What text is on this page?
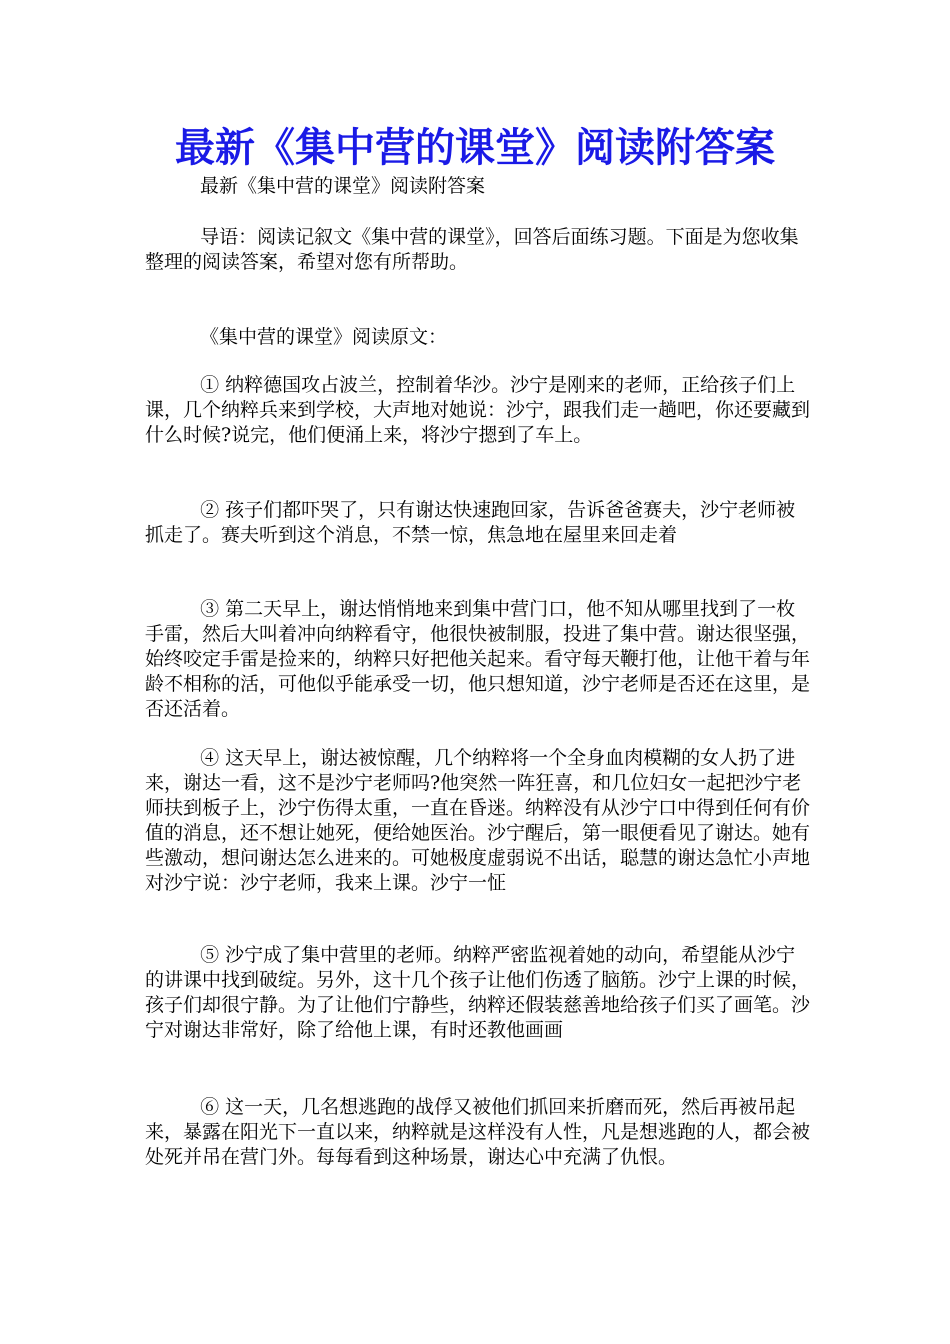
最新《集中营的课堂》阅读附答案

最新《集中营的课堂》阅读附答案

导语：阅读记叙文《集中营的课堂》，回答后面练习题。下面是为您收集整理的阅读答案，希望对您有所帮助。

《集中营的课堂》阅读原文：

① 纳粹德国攻占波兰，控制着华沙。沙宁是刚来的老师，正给孩子们上课，几个纳粹兵来到学校，大声地对她说：沙宁，跟我们走一趟吧，你还要藏到什么时候?说完，他们便涌上来，将沙宁摁到了车上。

② 孩子们都吓哭了，只有谢达快速跑回家，告诉爸爸赛夫，沙宁老师被抓走了。赛夫听到这个消息，不禁一惊，焦急地在屋里来回走着

③ 第二天早上，谢达悄悄地来到集中营门口，他不知从哪里找到了一枚手雷，然后大叫着冲向纳粹看守，他很快被制服，投进了集中营。谢达很坚强，始终咬定手雷是捡来的，纳粹只好把他关起来。看守每天鞭打他，让他干着与年龄不相称的活，可他似乎能承受一切，他只想知道，沙宁老师是否还在这里，是否还活着。

④ 这天早上，谢达被惊醒，几个纳粹将一个全身血肉模糊的女人扔了进来，谢达一看，这不是沙宁老师吗?他突然一阵狂喜，和几位妇女一起把沙宁老师扶到板子上，沙宁伤得太重，一直在昏迷。纳粹没有从沙宁口中得到任何有价值的消息，还不想让她死，便给她医治。沙宁醒后，第一眼便看见了谢达。她有些激动，想问谢达怎么进来的。可她极度虚弱说不出话，聪慧的谢达急忙小声地对沙宁说：沙宁老师，我来上课。沙宁一怔

⑤ 沙宁成了集中营里的老师。纳粹严密监视着她的动向，希望能从沙宁的讲课中找到破绽。另外，这十几个孩子让他们伤透了脑筋。沙宁上课的时候，孩子们却很宁静。为了让他们宁静些，纳粹还假装慈善地给孩子们买了画笔。沙宁对谢达非常好，除了给他上课，有时还教他画画

⑥ 这一天，几名想逃跑的战俘又被他们抓回来折磨而死，然后再被吊起来，暴露在阳光下一直以来，纳粹就是这样没有人性，凡是想逃跑的人，都会被处死并吊在营门外。每每看到这种场景，谢达心中充满了仇恨。
